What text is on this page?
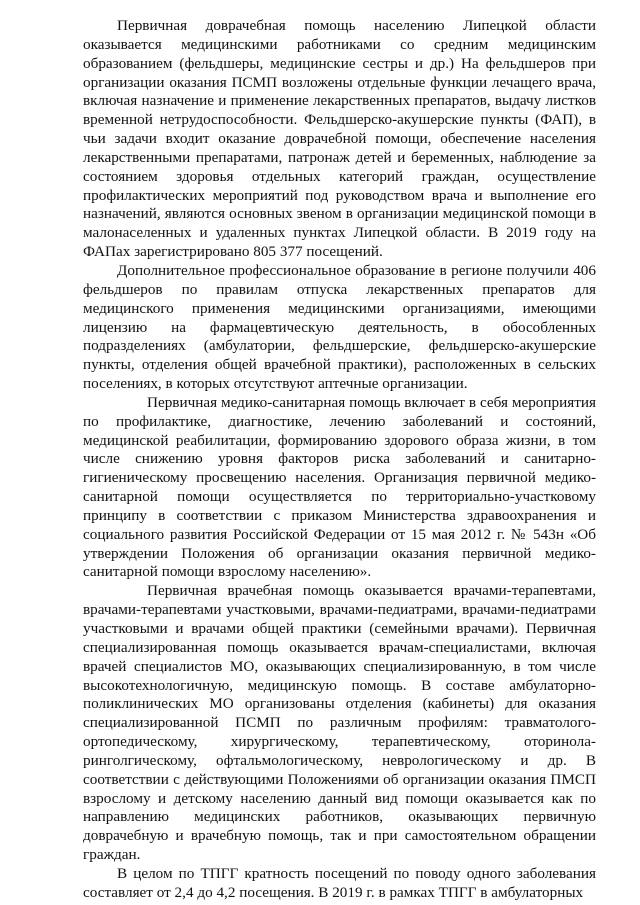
Первичная доврачебная помощь населению Липецкой области оказывается медицинскими работниками со средним медицинским образованием (фельдшеры, медицинские сестры и др.) На фельдшеров при организации оказания ПСМП возложены отдельные функции лечащего врача, включая назначение и применение лекарственных препаратов, выдачу листков временной нетрудоспособности. Фельдшерско-акушерские пункты (ФАП), в чьи задачи входит оказание доврачебной помощи, обеспечение населения лекарственными препаратами, патронаж детей и беременных, наблюдение за состоянием здоровья отдельных категорий граждан, осуществление профилактических мероприятий под руководством врача и выполнение его назначений, являются основных звеном в организации медицинской помощи в малонаселенных и удаленных пунктах Липецкой области. В 2019 году на ФАПах зарегистрировано 805 377 посещений.

Дополнительное профессиональное образование в регионе получили 406 фельдшеров по правилам отпуска лекарственных препаратов для медицинского применения медицинскими организациями, имеющими лицензию на фармацевтическую деятельность, в обособленных подразделениях (амбулатории, фельдшерские, фельдшерско-акушерские пункты, отделения общей врачебной практики), расположенных в сельских поселениях, в которых отсутствуют аптечные организации.

Первичная медико-санитарная помощь включает в себя мероприятия по профилактике, диагностике, лечению заболеваний и состояний, медицинской реабилитации, формированию здорового образа жизни, в том числе снижению уровня факторов риска заболеваний и санитарно-гигиеническому просвещению населения. Организация первичной медико-санитарной помощи осуществляется по территориально-участковому принципу в соответствии с приказом Министерства здравоохранения и социального развития Российской Федерации от 15 мая 2012 г. № 543н «Об утверждении Положения об организации оказания первичной медико-санитарной помощи взрослому населению».

Первичная врачебная помощь оказывается врачами-терапевтами, врачами-терапевтами участковыми, врачами-педиатрами, врачами-педиатрами участковыми и врачами общей практики (семейными врачами). Первичная специализированная помощь оказывается врачам-специалистами, включая врачей специалистов МО, оказывающих специализированную, в том числе высокотехнологичную, медицинскую помощь. В составе амбулаторно-поликлинических МО организованы отделения (кабинеты) для оказания специализированной ПСМП по различным профилям: травматолого-ортопедическому, хирургическому, терапевтическому, оторинола-ринголгическому, офтальмологическому, неврологическому и др. В соответствии с действующими Положениями об организации оказания ПМСП взрослому и детскому населению данный вид помощи оказывается как по направлению медицинских работников, оказывающих первичную доврачебную и врачебную помощь, так и при самостоятельном обращении граждан.

В целом по ТПГГ кратность посещений по поводу одного заболевания составляет от 2,4 до 4,2 посещения. В 2019 г. в рамках ТПГГ в амбулаторных
